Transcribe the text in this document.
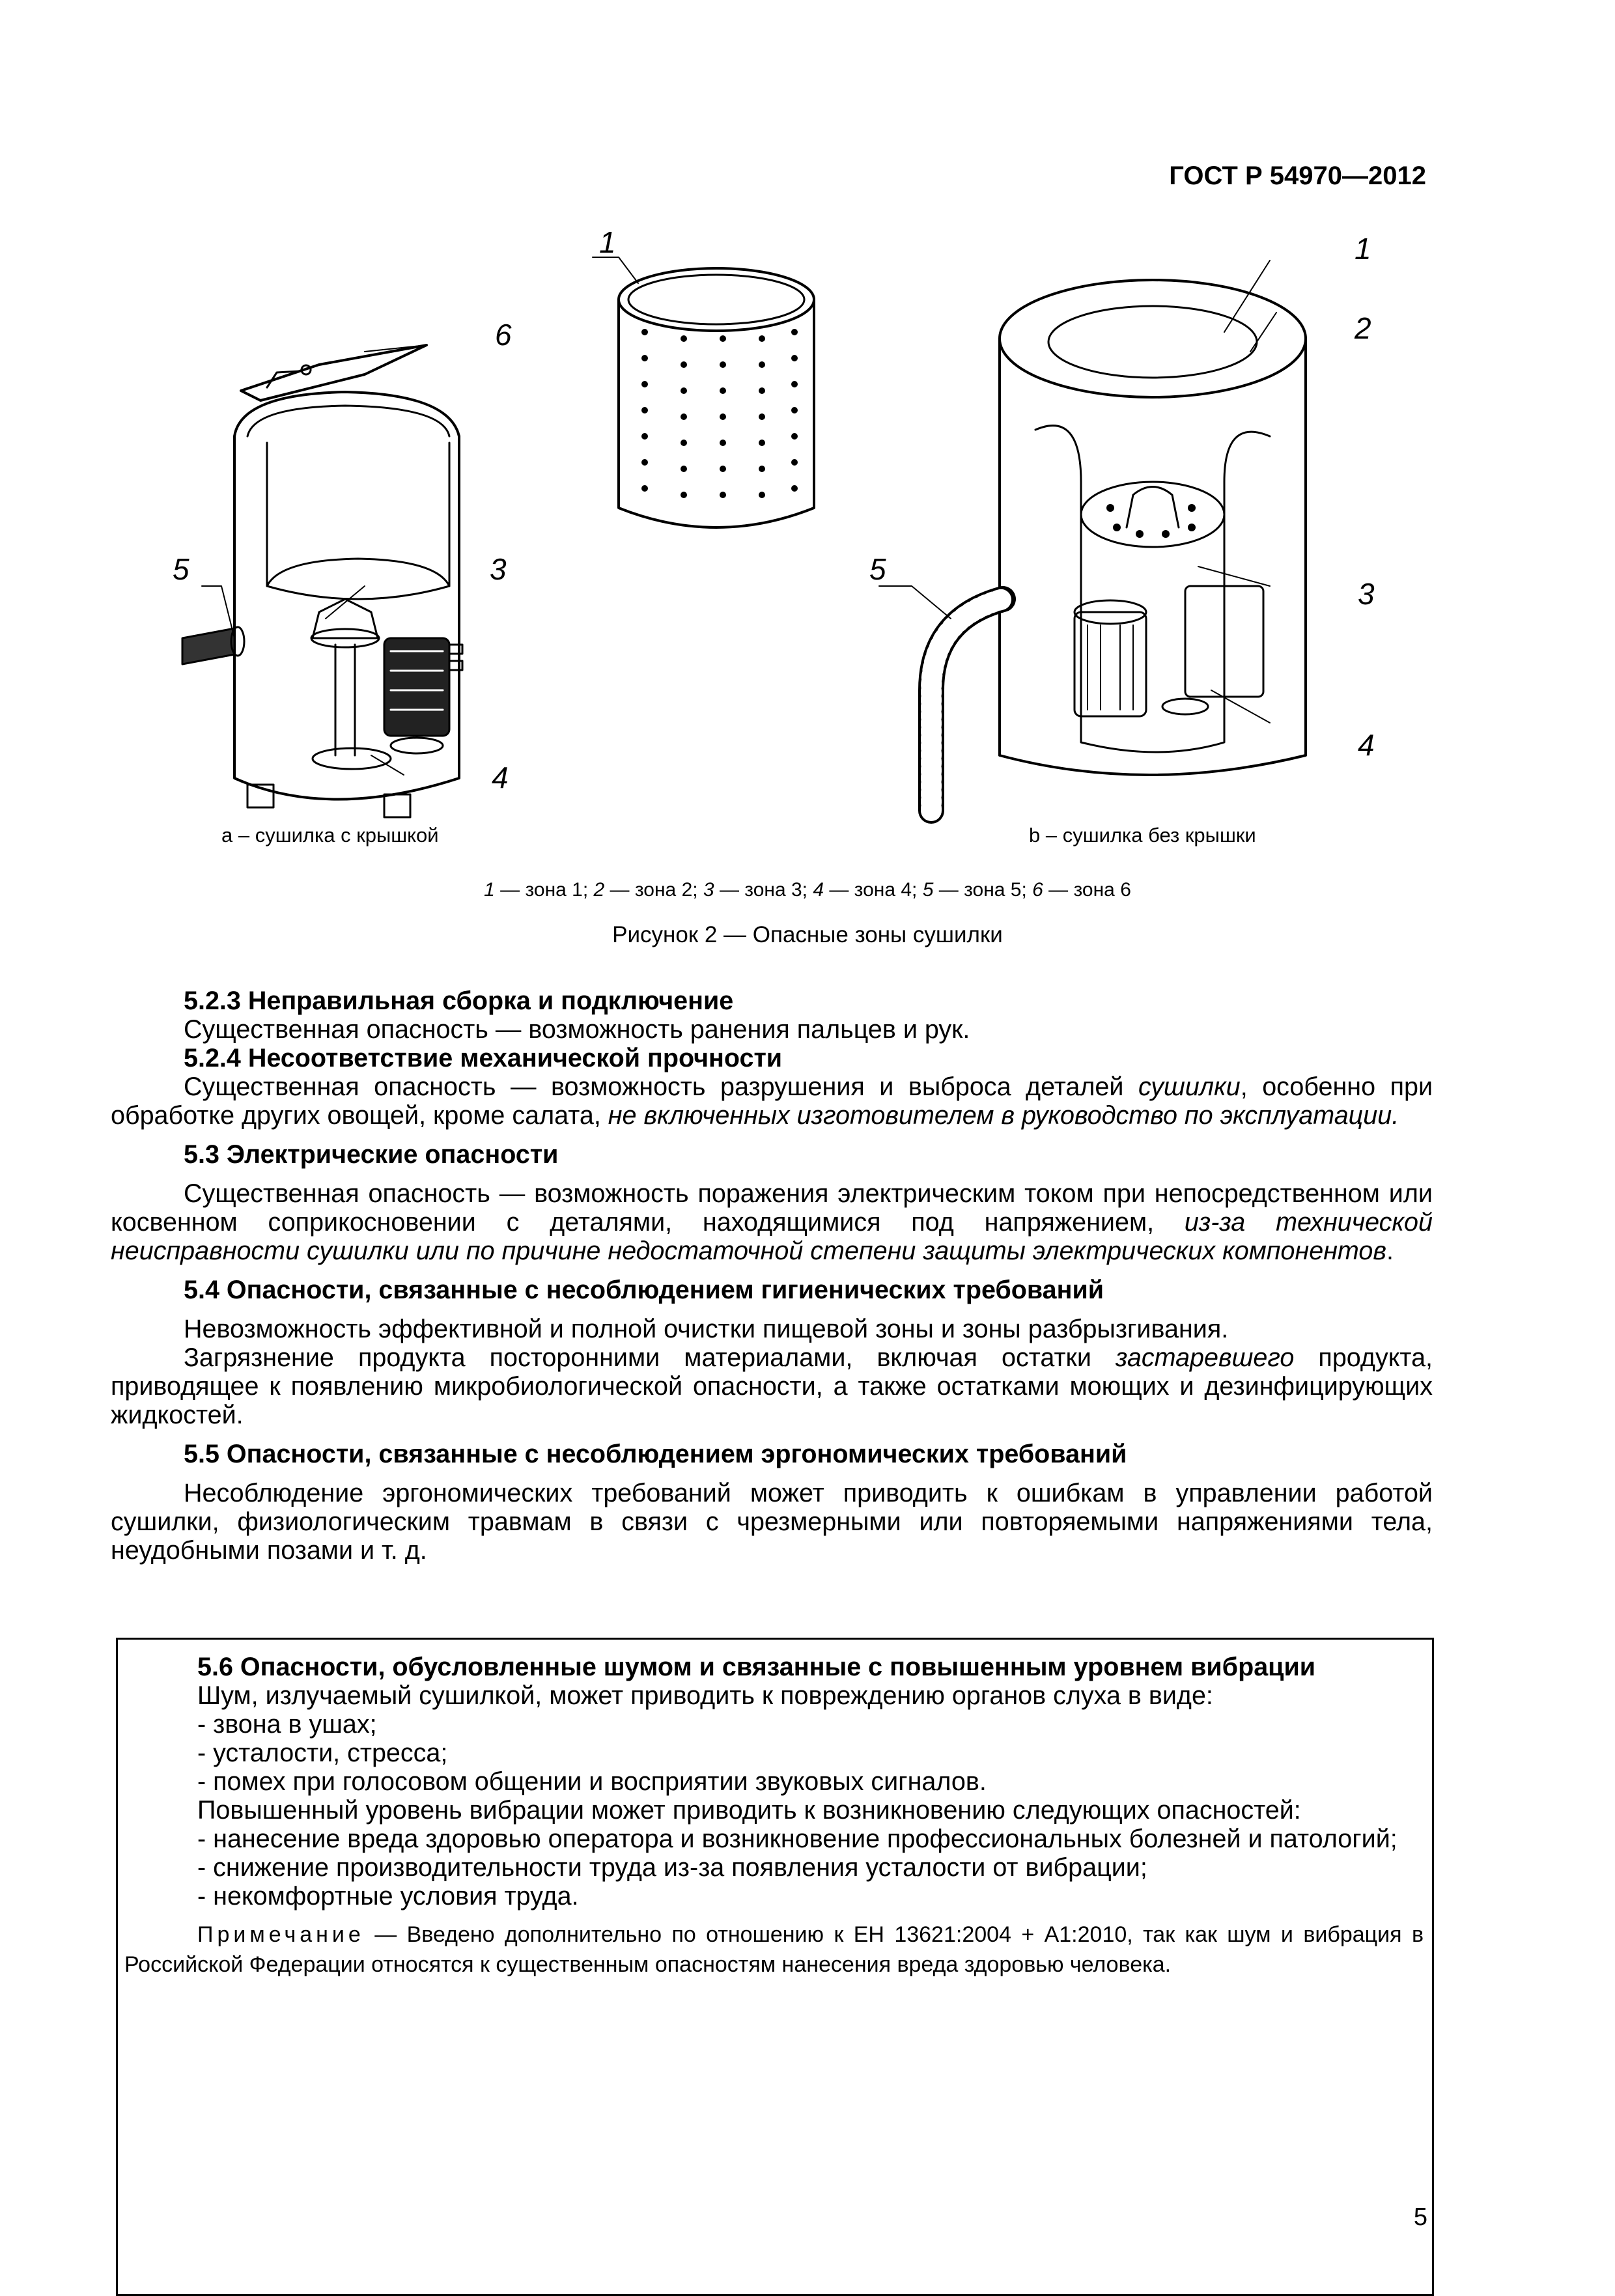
ГОСТ Р 54970—2012
1
6
5	3
4
1
2
5
3
4
a – сушилка с крышкой	b – сушилка без крышки
1 — зона 1; 2 — зона 2; 3 — зона 3; 4 — зона 4; 5 — зона 5; 6 — зона 6
Рисунок 2 — Опасные зоны сушилки

5.2.3 Неправильная сборка и подключение

Существенная опасность — возможность ранения пальцев и рук.

5.2.4 Несоответствие механической прочности

Существенная опасность — возможность разрушения и выброса деталей сушилки, особенно при обработке других овощей, кроме салата, не включенных изготовителем в руководство по эксплуатации.

5.3 Электрические опасности

Существенная опасность — возможность поражения электрическим током при непосредственном или косвенном соприкосновении с деталями, находящимися под напряжением, из-за технической неисправности сушилки или по причине недостаточной степени защиты электрических компонентов.

5.4 Опасности, связанные с несоблюдением гигиенических требований

Невозможность эффективной и полной очистки пищевой зоны и зоны разбрызгивания.

Загрязнение продукта посторонними материалами, включая остатки застаревшего продукта, приводящее к появлению микробиологической опасности, а также остатками моющих и дезинфицирующих жидкостей.

5.5 Опасности, связанные с несоблюдением эргономических требований

Несоблюдение эргономических требований может приводить к ошибкам в управлении работой сушилки, физиологическим травмам в связи с чрезмерными или повторяемыми напряжениями тела, неудобными позами и т. д.

5.6 Опасности, обусловленные шумом и связанные с повышенным уровнем вибрации

Шум, излучаемый сушилкой, может приводить к повреждению органов слуха в виде:

- звона в ушах;

- усталости, стресса;

- помех при голосовом общении и восприятии звуковых сигналов.

Повышенный уровень вибрации может приводить к возникновению следующих опасностей:

- нанесение вреда здоровью оператора и возникновение профессиональных болезней и патологий;

- снижение производительности труда из-за появления усталости от вибрации;

- некомфортные условия труда.

Примечание — Введено дополнительно по отношению к ЕН 13621:2004 + А1:2010, так как шум и вибрация в Российской Федерации относятся к существенным опасностям нанесения вреда здоровью человека.

5
